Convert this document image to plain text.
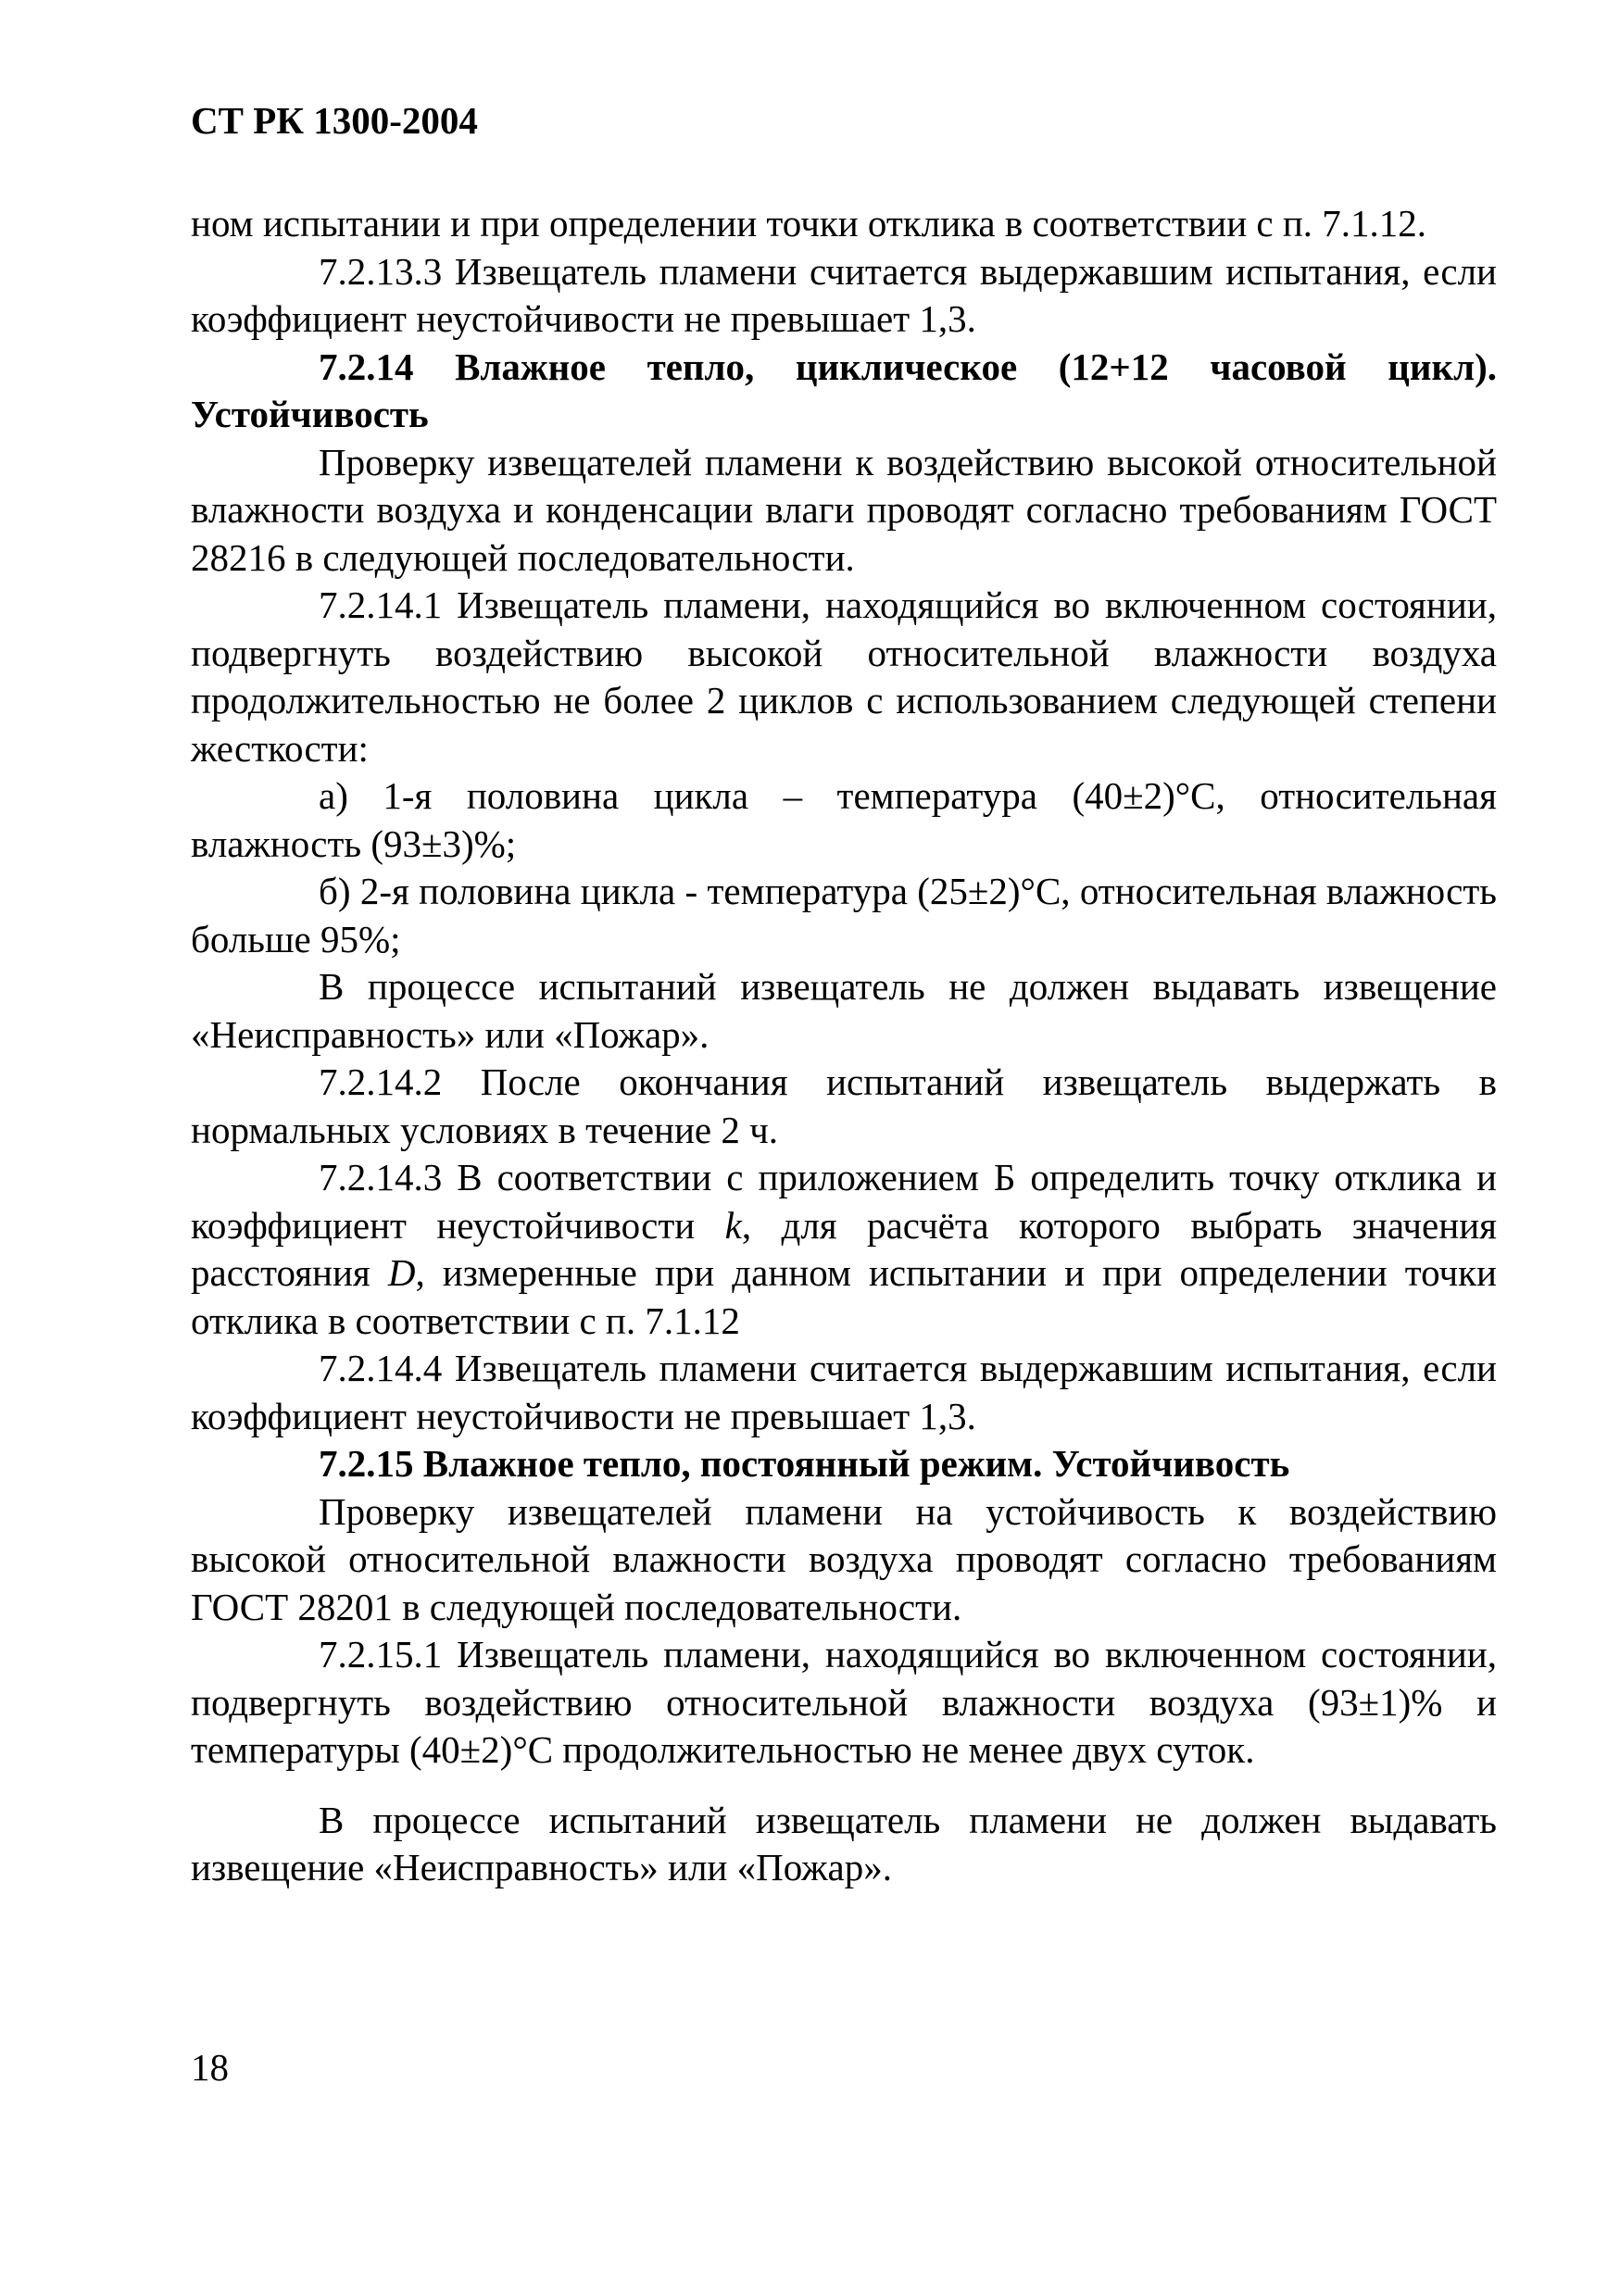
СТ РК 1300-2004

ном испытании и при определении точки отклика в соответствии с п. 7.1.12.

7.2.13.3 Извещатель пламени считается выдержавшим испытания, если коэффициент неустойчивости не превышает 1,3.

7.2.14 Влажное тепло, циклическое (12+12 часовой цикл). Устойчивость

Проверку извещателей пламени к воздействию высокой относительной влажности воздуха и конденсации влаги проводят согласно требованиям ГОСТ 28216 в следующей последовательности.

7.2.14.1 Извещатель пламени, находящийся во включенном состоянии, подвергнуть воздействию высокой относительной влажности воздуха продолжительностью не более 2 циклов с использованием следующей степени жесткости:

а) 1-я половина цикла – температура (40±2)°C, относительная влажность (93±3)%;

б) 2-я половина цикла - температура (25±2)°C, относительная влажность больше 95%;

В процессе испытаний извещатель не должен выдавать извещение «Неисправность» или «Пожар».

7.2.14.2 После окончания испытаний извещатель выдержать в нормальных условиях в течение 2 ч.

7.2.14.3 В соответствии с приложением Б определить точку отклика и коэффициент неустойчивости k, для расчёта которого выбрать значения расстояния D, измеренные при данном испытании и при определении точки отклика в соответствии с п. 7.1.12

7.2.14.4 Извещатель пламени считается выдержавшим испытания, если коэффициент неустойчивости не превышает 1,3.

7.2.15 Влажное тепло, постоянный режим. Устойчивость

Проверку извещателей пламени на устойчивость к воздействию высокой относительной влажности воздуха проводят согласно требованиям ГОСТ 28201 в следующей последовательности.

7.2.15.1 Извещатель пламени, находящийся во включенном состоянии, подвергнуть воздействию относительной влажности воздуха (93±1)% и температуры (40±2)°C продолжительностью не менее двух суток.

В процессе испытаний извещатель пламени не должен выдавать извещение «Неисправность» или «Пожар».

18
